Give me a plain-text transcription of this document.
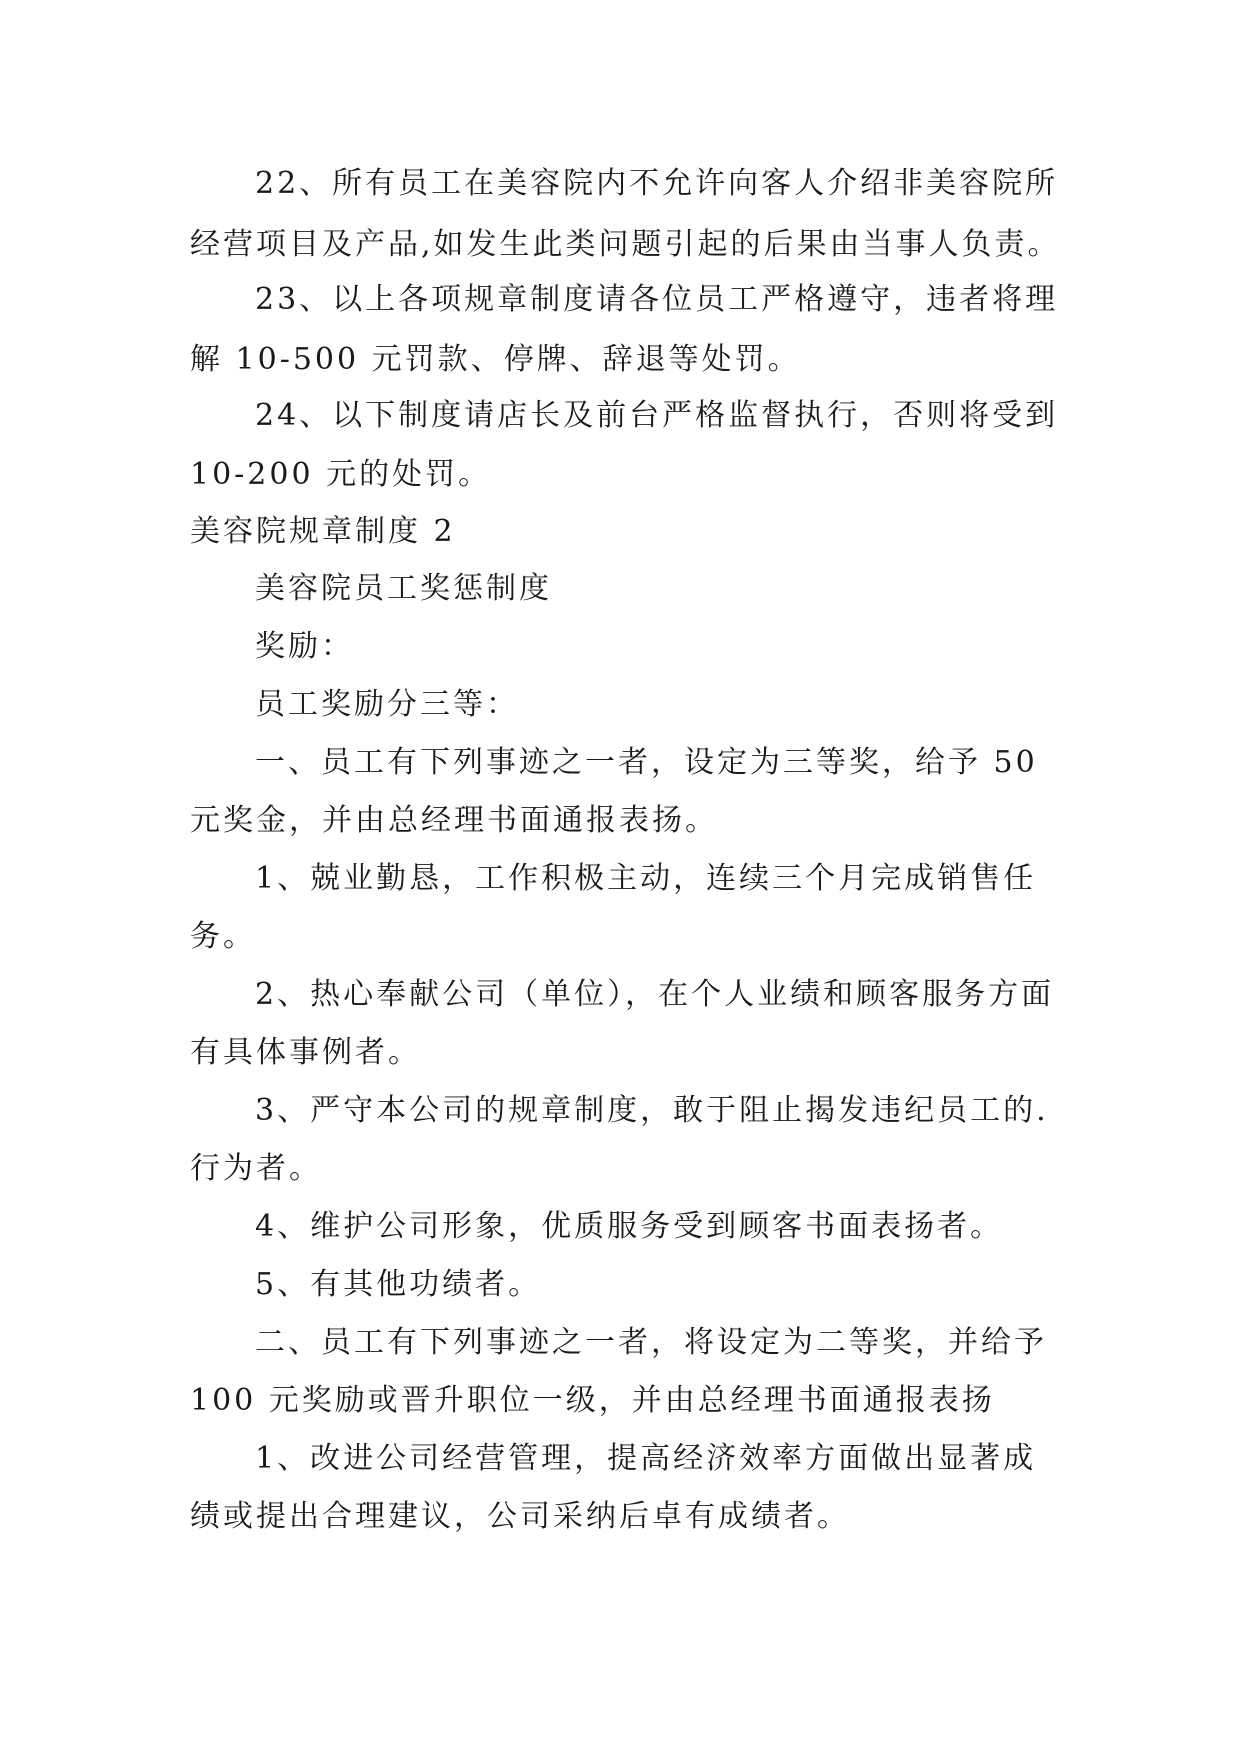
22、所有员工在美容院内不允许向客人介绍非美容院所
经营项目及产品,如发生此类问题引起的后果由当事人负责。
23、以上各项规章制度请各位员工严格遵守，违者将理
解 10-500 元罚款、停牌、辞退等处罚。
24、以下制度请店长及前台严格监督执行，否则将受到
10-200 元的处罚。
美容院规章制度 2
美容院员工奖惩制度
奖励：
员工奖励分三等：
一、员工有下列事迹之一者，设定为三等奖，给予 50
元奖金，并由总经理书面通报表扬。
1、兢业勤恳，工作积极主动，连续三个月完成销售任
务。
2、热心奉献公司（单位），在个人业绩和顾客服务方面
有具体事例者。
3、严守本公司的规章制度，敢于阻止揭发违纪员工的.
行为者。
4、维护公司形象，优质服务受到顾客书面表扬者。
5、有其他功绩者。
二、员工有下列事迹之一者，将设定为二等奖，并给予
100 元奖励或晋升职位一级，并由总经理书面通报表扬
1、改进公司经营管理，提高经济效率方面做出显著成
绩或提出合理建议，公司采纳后卓有成绩者。
